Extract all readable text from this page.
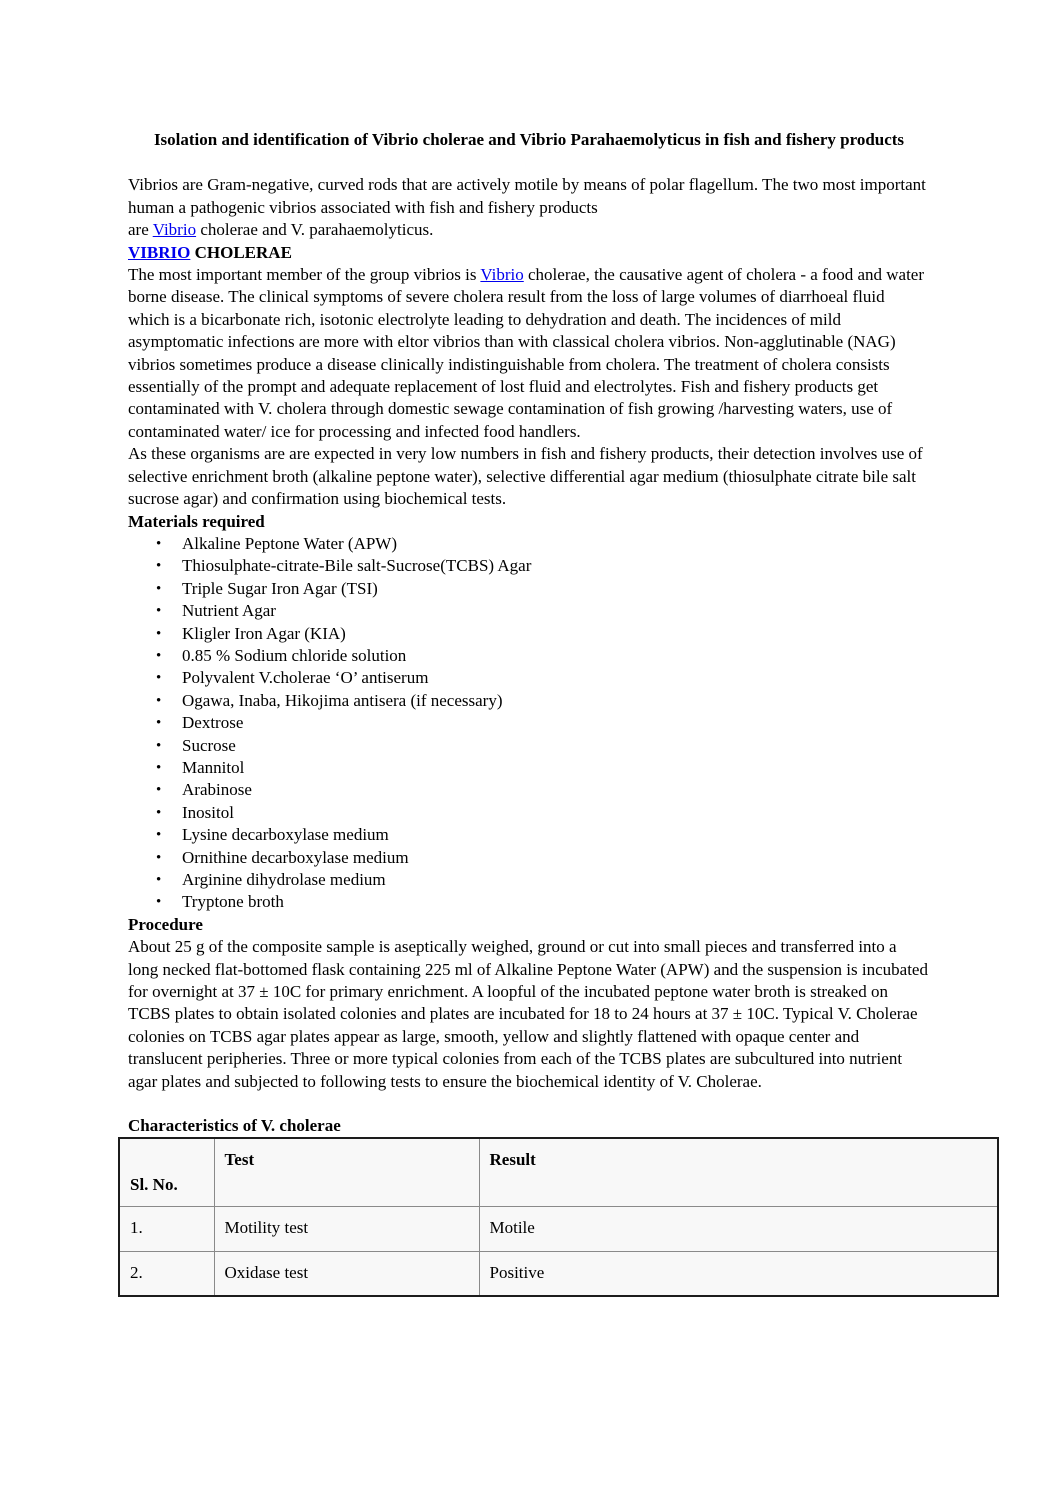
Isolation and identification of Vibrio cholerae and Vibrio Parahaemolyticus in fish and fishery products

Vibrios are Gram-negative, curved rods that are actively motile by means of polar flagellum. The two most important human a pathogenic vibrios associated with fish and fishery products
are Vibrio cholerae and V. parahaemolyticus.

VIBRIO CHOLERAE

The most important member of the group vibrios is Vibrio cholerae, the causative agent of cholera - a food and water borne disease. The clinical symptoms of severe cholera result from the loss of large volumes of diarrhoeal fluid which is a bicarbonate rich, isotonic electrolyte leading to dehydration and death. The incidences of mild asymptomatic infections are more with eltor vibrios than with classical cholera vibrios. Non-agglutinable (NAG) vibrios sometimes produce a disease clinically indistinguishable from cholera. The treatment of cholera consists essentially of the prompt and adequate replacement of lost fluid and electrolytes. Fish and fishery products get contaminated with V. cholera through domestic sewage contamination of fish growing /harvesting waters, use of contaminated water/ ice for processing and infected food handlers.

As these organisms are are expected in very low numbers in fish and fishery products, their detection involves use of selective enrichment broth (alkaline peptone water), selective differential agar medium (thiosulphate citrate bile salt sucrose agar) and confirmation using biochemical tests.

Materials required

• Alkaline Peptone Water (APW)
• Thiosulphate-citrate-Bile salt-Sucrose(TCBS) Agar
• Triple Sugar Iron Agar (TSI)
• Nutrient Agar
• Kligler Iron Agar (KIA)
• 0.85 % Sodium chloride solution
• Polyvalent V.cholerae ‘O’ antiserum
• Ogawa, Inaba, Hikojima antisera (if necessary)
• Dextrose
• Sucrose
• Mannitol
• Arabinose
• Inositol
• Lysine decarboxylase medium
• Ornithine decarboxylase medium
• Arginine dihydrolase medium
• Tryptone broth

Procedure

About 25 g of the composite sample is aseptically weighed, ground or cut into small pieces and transferred into a long necked flat-bottomed flask containing 225 ml of Alkaline Peptone Water (APW) and the suspension is incubated for overnight at 37 ± 10C for primary enrichment. A loopful of the incubated peptone water broth is streaked on TCBS plates to obtain isolated colonies and plates are incubated for 18 to 24 hours at 37 ± 10C. Typical V. Cholerae colonies on TCBS agar plates appear as large, smooth, yellow and slightly flattened with opaque center and translucent peripheries. Three or more typical colonies from each of the TCBS plates are subcultured into nutrient agar plates and subjected to following tests to ensure the biochemical identity of V. Cholerae.

Characteristics of V. cholerae

Sl. No.	Test	Result
1.	Motility test	Motile
2.	Oxidase test	Positive
